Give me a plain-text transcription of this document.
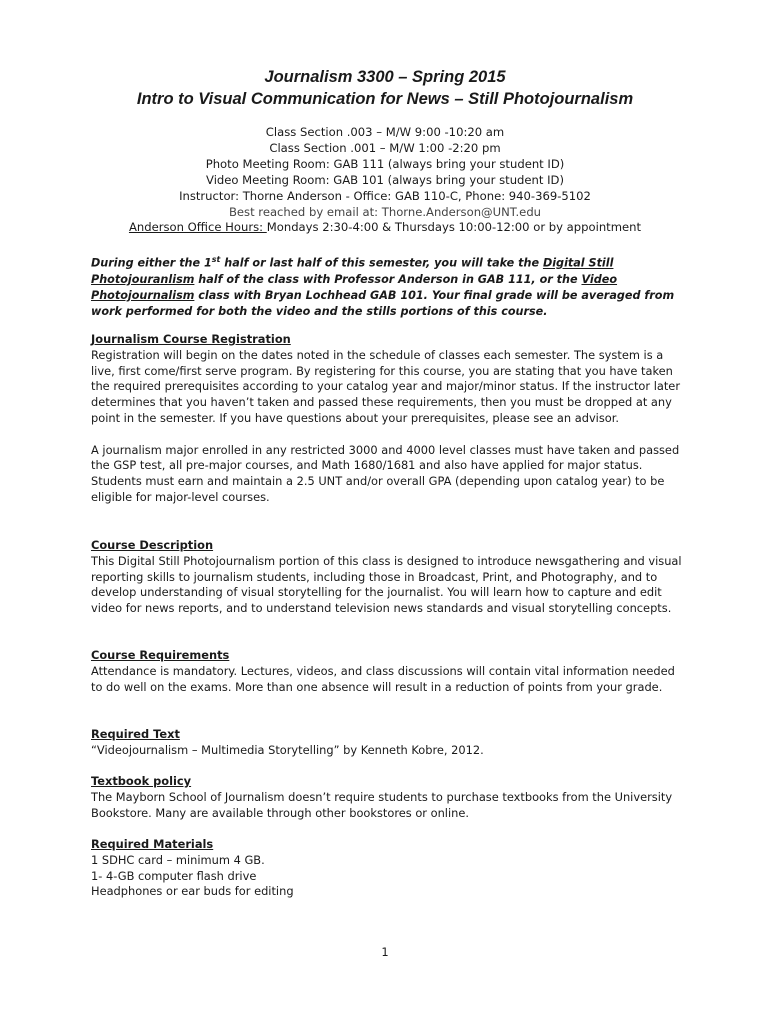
Journalism 3300 – Spring 2015

Intro to Visual Communication for News – Still Photojournalism

Class Section .003 – M/W 9:00 -10:20 am

Class Section .001 – M/W 1:00 -2:20 pm

Photo Meeting Room: GAB 111 (always bring your student ID)

Video Meeting Room: GAB 101 (always bring your student ID)

Instructor: Thorne Anderson - Office: GAB 110-C, Phone: 940-369-5102

Best reached by email at: Thorne.Anderson@UNT.edu

Anderson Office Hours: Mondays 2:30-4:00 & Thursdays 10:00-12:00 or by appointment

During either the 1st half or last half of this semester, you will take the Digital Still Photojouranlism half of the class with Professor Anderson in GAB 111, or the Video Photojournalism class with Bryan Lochhead GAB 101. Your final grade will be averaged from work performed for both the video and the stills portions of this course.

Journalism Course Registration

Registration will begin on the dates noted in the schedule of classes each semester. The system is a live, first come/first serve program. By registering for this course, you are stating that you have taken the required prerequisites according to your catalog year and major/minor status. If the instructor later determines that you haven’t taken and passed these requirements, then you must be dropped at any point in the semester. If you have questions about your prerequisites, please see an advisor.

A journalism major enrolled in any restricted 3000 and 4000 level classes must have taken and passed the GSP test, all pre-major courses, and Math 1680/1681 and also have applied for major status. Students must earn and maintain a 2.5 UNT and/or overall GPA (depending upon catalog year) to be eligible for major-level courses.

Course Description

This Digital Still Photojournalism portion of this class is designed to introduce newsgathering and visual reporting skills to journalism students, including those in Broadcast, Print, and Photography, and to develop understanding of visual storytelling for the journalist. You will learn how to capture and edit video for news reports, and to understand television news standards and visual storytelling concepts.

Course Requirements

Attendance is mandatory. Lectures, videos, and class discussions will contain vital information needed to do well on the exams. More than one absence will result in a reduction of points from your grade.

Required Text

“Videojournalism – Multimedia Storytelling” by Kenneth Kobre, 2012.

Textbook policy

The Mayborn School of Journalism doesn’t require students to purchase textbooks from the University Bookstore. Many are available through other bookstores or online.

Required Materials

1 SDHC card – minimum 4 GB.

1- 4-GB computer flash drive

Headphones or ear buds for editing

1
